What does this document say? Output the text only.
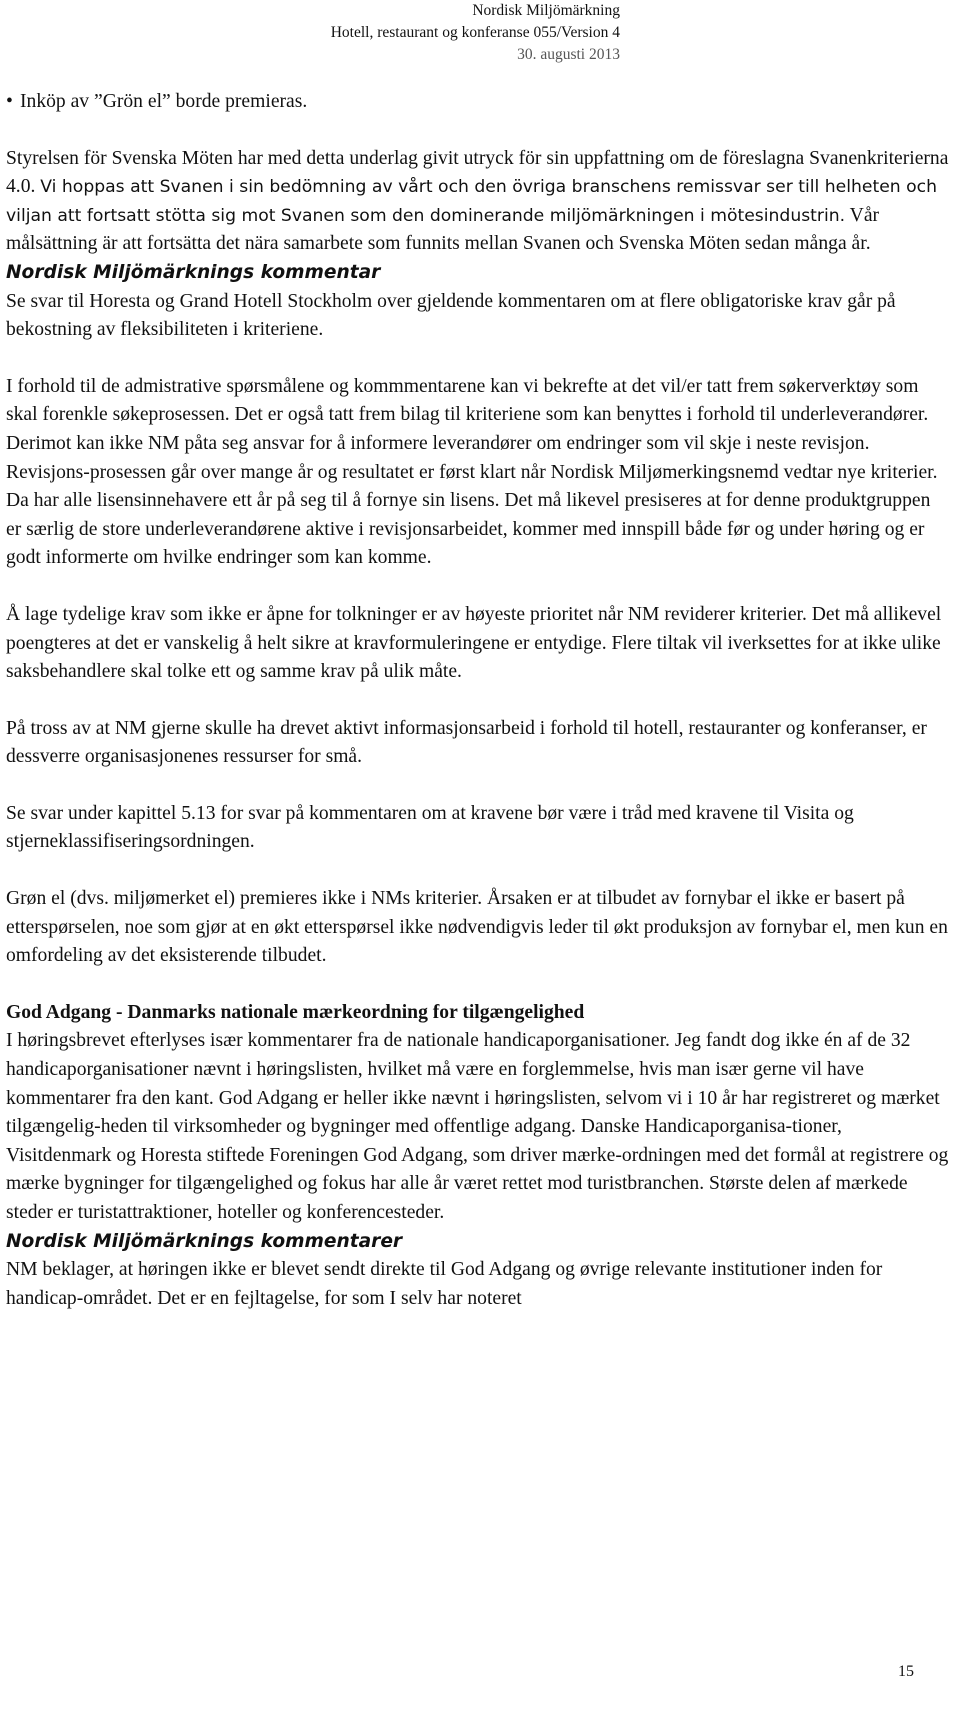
Nordisk Miljömärkning
Hotell, restaurant og konferanse 055/Version 4
30. augusti 2013

• Inköp av ”Grön el” borde premieras.

Styrelsen för Svenska Möten har med detta underlag givit utryck för sin uppfattning om de föreslagna Svanenkriterierna 4.0. Vi hoppas att Svanen i sin bedömning av vårt och den övriga branschens remissvar ser till helheten och viljan att fortsatt stötta sig mot Svanen som den dominerande miljömärkningen i mötesindustrin. Vår målsättning är att fortsätta det nära samarbete som funnits mellan Svanen och Svenska Möten sedan många år.

Nordisk Miljömärknings kommentar

Se svar til Horesta og Grand Hotell Stockholm over gjeldende kommentaren om at flere obligatoriske krav går på bekostning av fleksibiliteten i kriteriene.

I forhold til de admistrative spørsmålene og kommmentarene kan vi bekrefte at det vil/er tatt frem søkerverktøy som skal forenkle søkeprosessen. Det er også tatt frem bilag til kriteriene som kan benyttes i forhold til underleverandører. Derimot kan ikke NM påta seg ansvar for å informere leverandører om endringer som vil skje i neste revisjon. Revisjons-prosessen går over mange år og resultatet er først klart når Nordisk Miljømerkingsnemd vedtar nye kriterier. Da har alle lisensinnehavere ett år på seg til å fornye sin lisens. Det må likevel presiseres at for denne produktgruppen er særlig de store underleverandørene aktive i revisjonsarbeidet, kommer med innspill både før og under høring og er godt informerte om hvilke endringer som kan komme.

Å lage tydelige krav som ikke er åpne for tolkninger er av høyeste prioritet når NM reviderer kriterier. Det må allikevel poengteres at det er vanskelig å helt sikre at kravformuleringene er entydige. Flere tiltak vil iverksettes for at ikke ulike saksbehandlere skal tolke ett og samme krav på ulik måte.

På tross av at NM gjerne skulle ha drevet aktivt informasjonsarbeid i forhold til hotell, restauranter og konferanser, er dessverre organisasjonenes ressurser for små.

Se svar under kapittel 5.13 for svar på kommentaren om at kravene bør være i tråd med kravene til Visita og stjerneklassifiseringsordningen.

Grøn el (dvs. miljømerket el) premieres ikke i NMs kriterier. Årsaken er at tilbudet av fornybar el ikke er basert på etterspørselen, noe som gjør at en økt etterspørsel ikke nødvendigvis leder til økt produksjon av fornybar el, men kun en omfordeling av det eksisterende tilbudet.

God Adgang - Danmarks nationale mærkeordning for tilgængelighed

I høringsbrevet efterlyses især kommentarer fra de nationale handicaporganisationer. Jeg fandt dog ikke én af de 32 handicaporganisationer nævnt i høringslisten, hvilket må være en forglemmelse, hvis man især gerne vil have kommentarer fra den kant. God Adgang er heller ikke nævnt i høringslisten, selvom vi i 10 år har registreret og mærket tilgængelig-heden til virksomheder og bygninger med offentlige adgang. Danske Handicaporganisa-tioner, Visitdenmark og Horesta stiftede Foreningen God Adgang, som driver mærke-ordningen med det formål at registrere og mærke bygninger for tilgængelighed og fokus har alle år været rettet mod turistbranchen. Største delen af mærkede steder er turistattraktioner, hoteller og konferencesteder.

Nordisk Miljömärknings kommentarer

NM beklager, at høringen ikke er blevet sendt direkte til God Adgang og øvrige relevante institutioner inden for handicap-området. Det er en fejltagelse, for som I selv har noteret

15
